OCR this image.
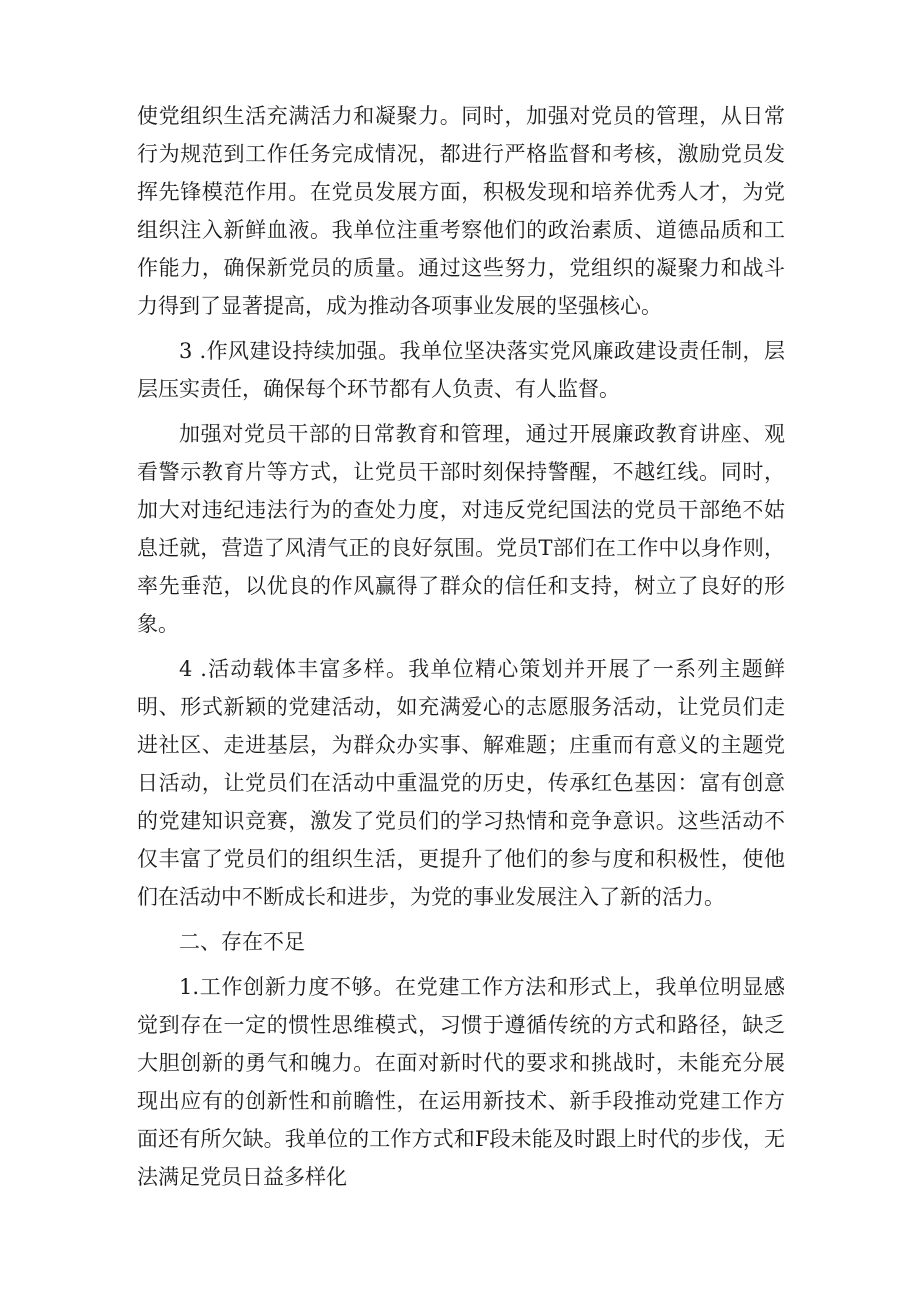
使党组织生活充满活力和凝聚力。同时，加强对党员的管理，从日常行为规范到工作任务完成情况，都进行严格监督和考核，激励党员发挥先锋模范作用。在党员发展方面，积极发现和培养优秀人才，为党组织注入新鲜血液。我单位注重考察他们的政治素质、道德品质和工作能力，确保新党员的质量。通过这些努力，党组织的凝聚力和战斗力得到了显著提高，成为推动各项事业发展的坚强核心。

3 .作风建设持续加强。我单位坚决落实党风廉政建设责任制，层层压实责任，确保每个环节都有人负责、有人监督。

加强对党员干部的日常教育和管理，通过开展廉政教育讲座、观看警示教育片等方式，让党员干部时刻保持警醒，不越红线。同时，加大对违纪违法行为的查处力度，对违反党纪国法的党员干部绝不姑息迁就，营造了风清气正的良好氛围。党员T部们在工作中以身作则，率先垂范，以优良的作风赢得了群众的信任和支持，树立了良好的形象。

4 .活动载体丰富多样。我单位精心策划并开展了一系列主题鲜明、形式新颖的党建活动，如充满爱心的志愿服务活动，让党员们走进社区、走进基层，为群众办实事、解难题；庄重而有意义的主题党日活动，让党员们在活动中重温党的历史，传承红色基因：富有创意的党建知识竞赛，激发了党员们的学习热情和竞争意识。这些活动不仅丰富了党员们的组织生活，更提升了他们的参与度和积极性，使他们在活动中不断成长和进步，为党的事业发展注入了新的活力。

二、存在不足

1.工作创新力度不够。在党建工作方法和形式上，我单位明显感觉到存在一定的惯性思维模式，习惯于遵循传统的方式和路径，缺乏大胆创新的勇气和魄力。在面对新时代的要求和挑战时，未能充分展现出应有的创新性和前瞻性，在运用新技术、新手段推动党建工作方面还有所欠缺。我单位的工作方式和F段未能及时跟上时代的步伐，无法满足党员日益多样化
